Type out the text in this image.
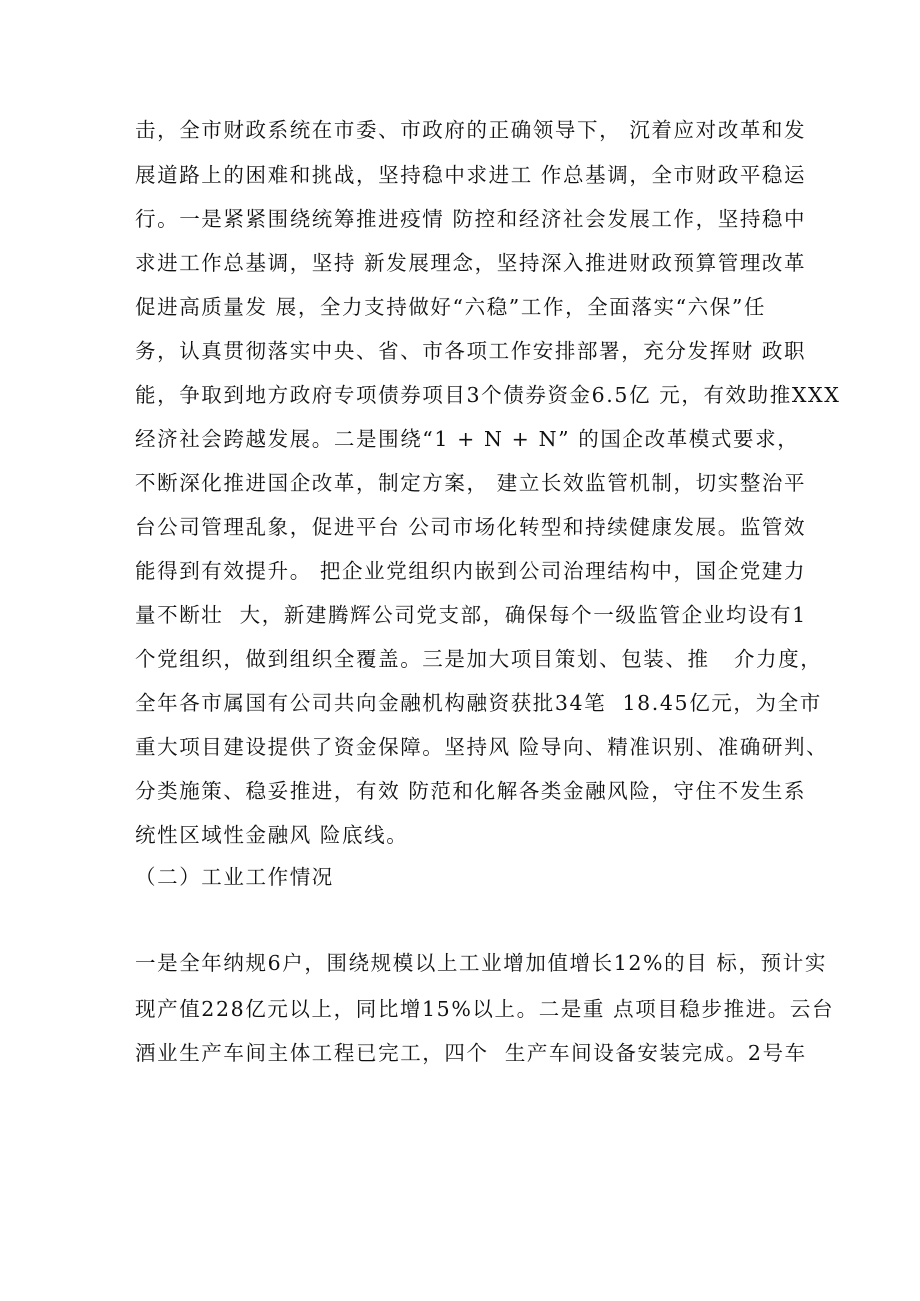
击，全市财政系统在市委、市政府的正确领导下， 沉着应对改革和发
展道路上的困难和挑战，坚持稳中求进工 作总基调，全市财政平稳运
行。一是紧紧围绕统筹推进疫情 防控和经济社会发展工作，坚持稳中
求进工作总基调，坚持 新发展理念，坚持深入推进财政预算管理改革
促进高质量发 展，全力支持做好“六稳”工作，全面落实“六保”任
务，认真贯彻落实中央、省、市各项工作安排部署，充分发挥财 政职
能，争取到地方政府专项债券项目3个债券资金6.5亿 元，有效助推XXX
经济社会跨越发展。二是围绕“1 + N + N” 的国企改革模式要求，
不断深化推进国企改革，制定方案， 建立长效监管机制，切实整治平
台公司管理乱象，促进平台 公司市场化转型和持续健康发展。监管效
能得到有效提升。 把企业党组织内嵌到公司治理结构中，国企党建力
量不断壮  大，新建腾辉公司党支部，确保每个一级监管企业均设有1
个党组织，做到组织全覆盖。三是加大项目策划、包装、推   介力度，
全年各市属国有公司共向金融机构融资获批34笔  18.45亿元，为全市
重大项目建设提供了资金保障。坚持风 险导向、精准识别、准确研判、
分类施策、稳妥推进，有效 防范和化解各类金融风险，守住不发生系
统性区域性金融风 险底线。
（二）工业工作情况
一是全年纳规6户，围绕规模以上工业增加值增长12%的目 标，预计实
现产值228亿元以上，同比增15%以上。二是重 点项目稳步推进。云台
酒业生产车间主体工程已完工，四个  生产车间设备安装完成。2号车
